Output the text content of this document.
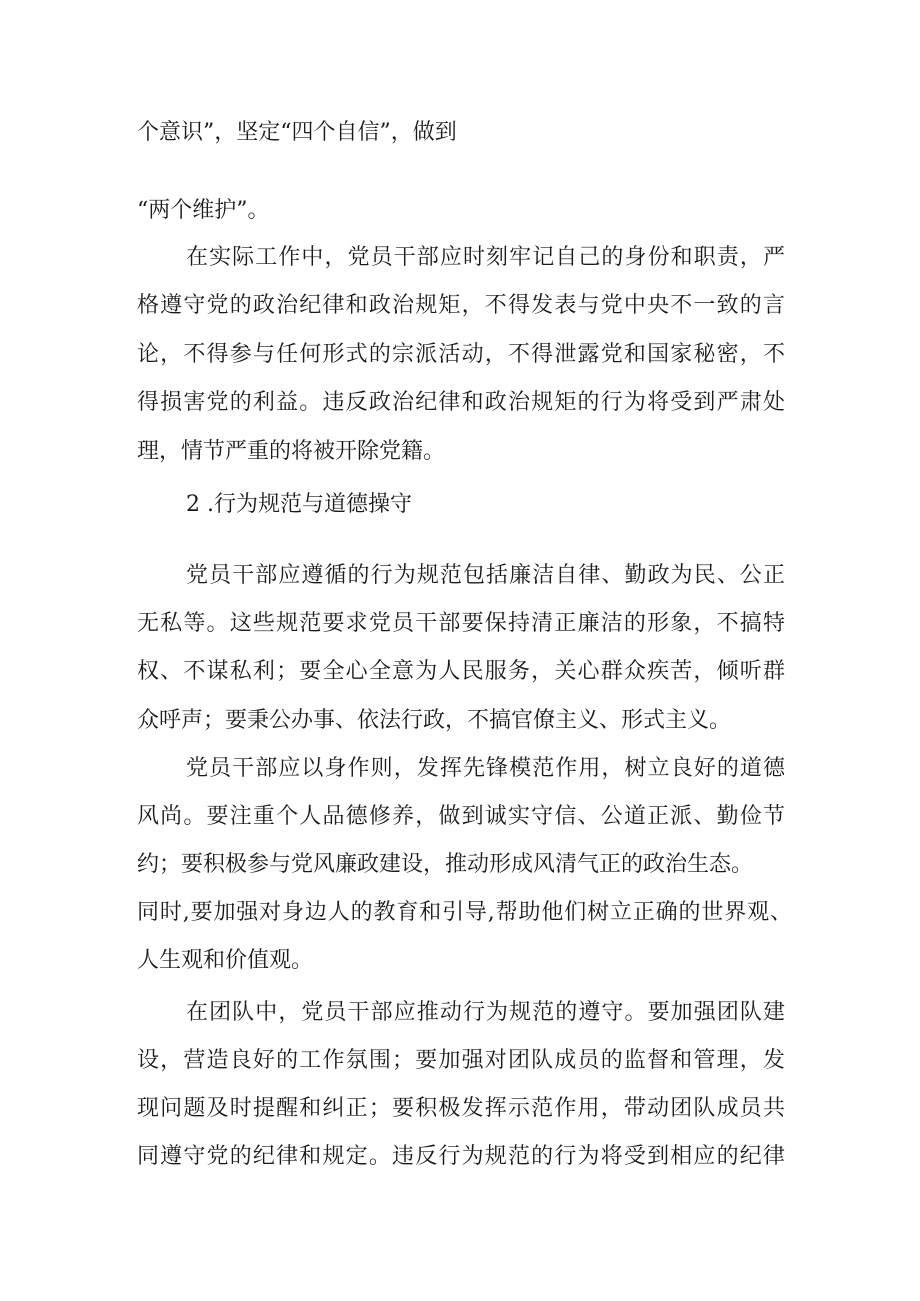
个意识”，坚定“四个自信”，做到
“两个维护”。
在实际工作中，党员干部应时刻牢记自己的身份和职责，严
格遵守党的政治纪律和政治规矩，不得发表与党中央不一致的言
论，不得参与任何形式的宗派活动，不得泄露党和国家秘密，不
得损害党的利益。违反政治纪律和政治规矩的行为将受到严肃处
理，情节严重的将被开除党籍。
2 .行为规范与道德操守
党员干部应遵循的行为规范包括廉洁自律、勤政为民、公正
无私等。这些规范要求党员干部要保持清正廉洁的形象，不搞特
权、不谋私利；要全心全意为人民服务，关心群众疾苦，倾听群
众呼声；要秉公办事、依法行政，不搞官僚主义、形式主义。
党员干部应以身作则，发挥先锋模范作用，树立良好的道德
风尚。要注重个人品德修养，做到诚实守信、公道正派、勤俭节
约；要积极参与党风廉政建设，推动形成风清气正的政治生态。
同时,要加强对身边人的教育和引导,帮助他们树立正确的世界观、
人生观和价值观。
在团队中，党员干部应推动行为规范的遵守。要加强团队建
设，营造良好的工作氛围；要加强对团队成员的监督和管理，发
现问题及时提醒和纠正；要积极发挥示范作用，带动团队成员共
同遵守党的纪律和规定。违反行为规范的行为将受到相应的纪律
